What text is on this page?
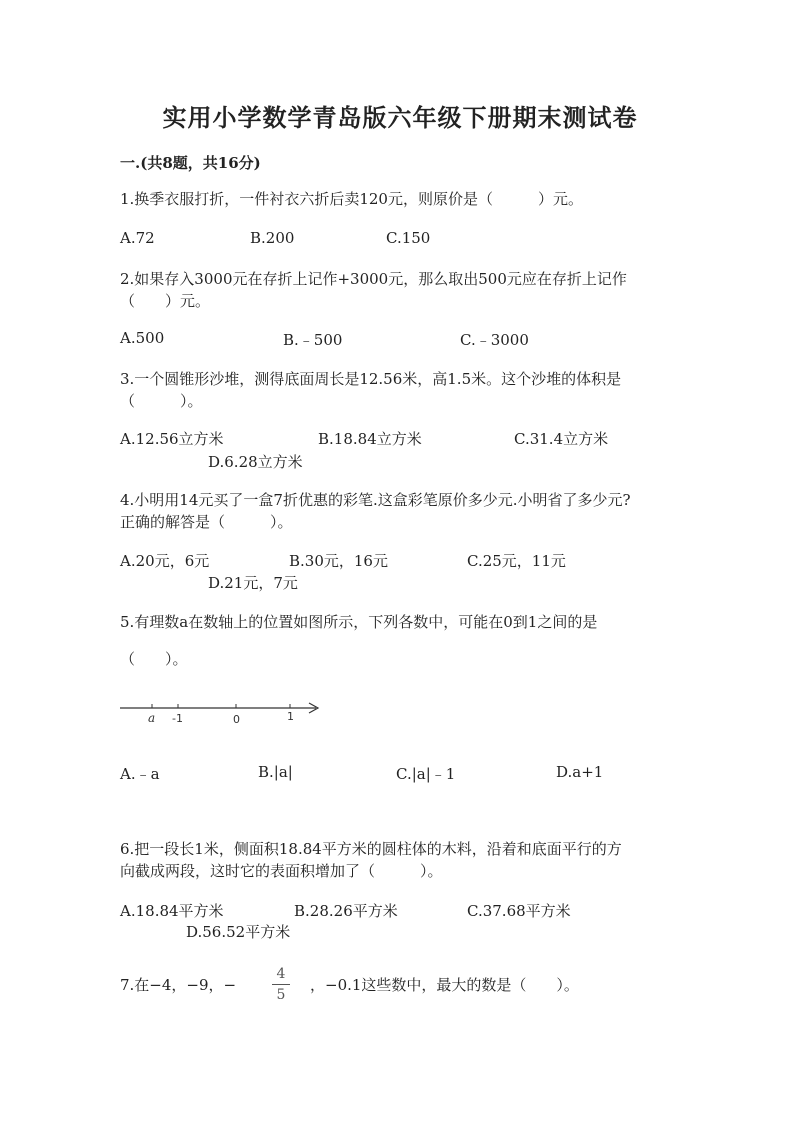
实用小学数学青岛版六年级下册期末测试卷
一.(共8题，共16分)
1.换季衣服打折，一件衬衣六折后卖120元，则原价是（　　　）元。
A.72	B.200	C.150
2.如果存入3000元在存折上记作+3000元，那么取出500元应在存折上记作
（　　）元。
A.500	B.﹣500	C.﹣3000
3.一个圆锥形沙堆，测得底面周长是12.56米，高1.5米。这个沙堆的体积是
（　　　）。
A.12.56立方米	B.18.84立方米	C.31.4立方米
D.6.28立方米
4.小明用14元买了一盒7折优惠的彩笔.这盒彩笔原价多少元.小明省了多少元?
正确的解答是（　　　）。
A.20元，6元	B.30元，16元	C.25元，11元
D.21元，7元
5.有理数a在数轴上的位置如图所示，下列各数中，可能在0到1之间的是
（　　）。
a -1	0	1
A.﹣a	B.|a|	C.|a|﹣1	D.a+1
6.把一段长1米，侧面积18.84平方米的圆柱体的木料，沿着和底面平行的方
向截成两段，这时它的表面积增加了（　　　）。
A.18.84平方米	B.28.26平方米	C.37.68平方米
D.56.52平方米
7.在−4，−9，−
4
5
，−0.1这些数中，最大的数是（　　）。
